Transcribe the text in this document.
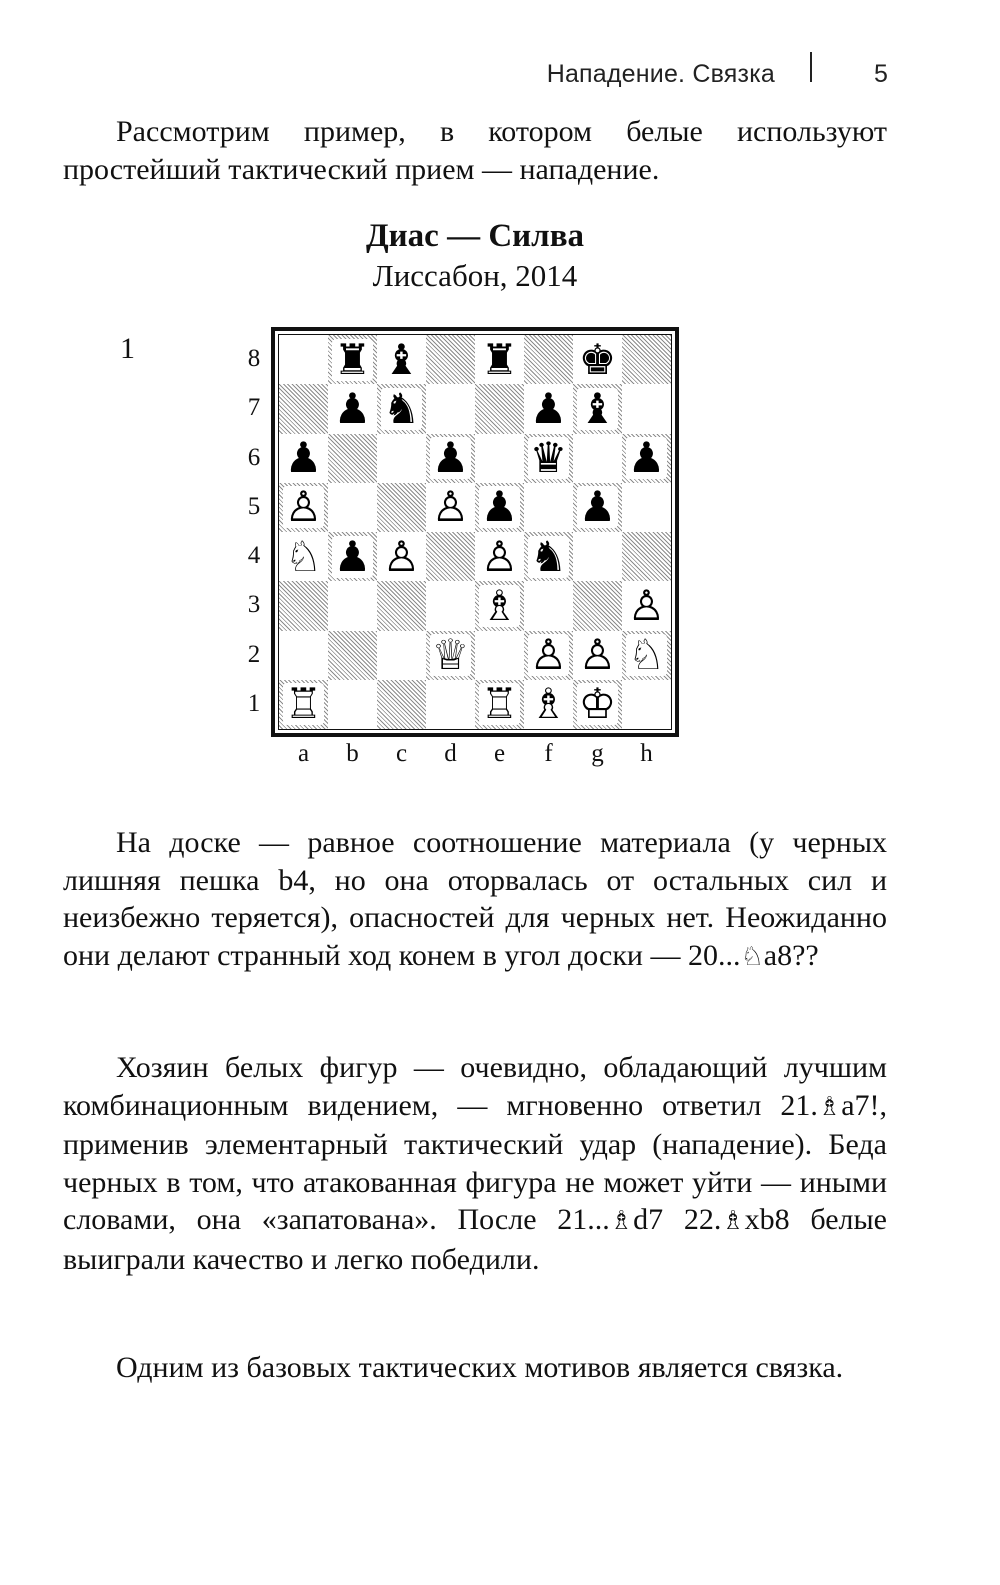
Нападение. Связка	5

Рассмотрим пример, в котором белые используют простейший тактический прием — нападение.

Диас — Силва
Лиссабон, 2014
1	8
7
6
5
4
3
2
1
a	b	c	d	e	f	g	h
♜ ♝ ♜ ♚
♟ ♞	♟ ♝
♟	♟ ♛ ♟
♙	♙ ♟ ♟
♘ ♟ ♙ ♙ ♞
♗	♙
♕ ♙ ♙ ♘
♖	♖ ♗ ♔

На доске — равное соотношение материала (у черных лишняя пешка b4, но она оторвалась от остальных сил и неизбежно теряется), опасностей для черных нет. Неожиданно они делают странный ход конем в угол доски — 20...♘a8??

Хозяин белых фигур — очевидно, обладающий лучшим комбинационным видением, — мгновенно ответил 21.♗a7!, применив элементарный тактический удар (нападение). Беда черных в том, что атакованная фигура не может уйти — иными словами, она «запатована». После 21...♗d7 22.♗xb8 белые выиграли качество и легко победили.

Одним из базовых тактических мотивов является связка.
